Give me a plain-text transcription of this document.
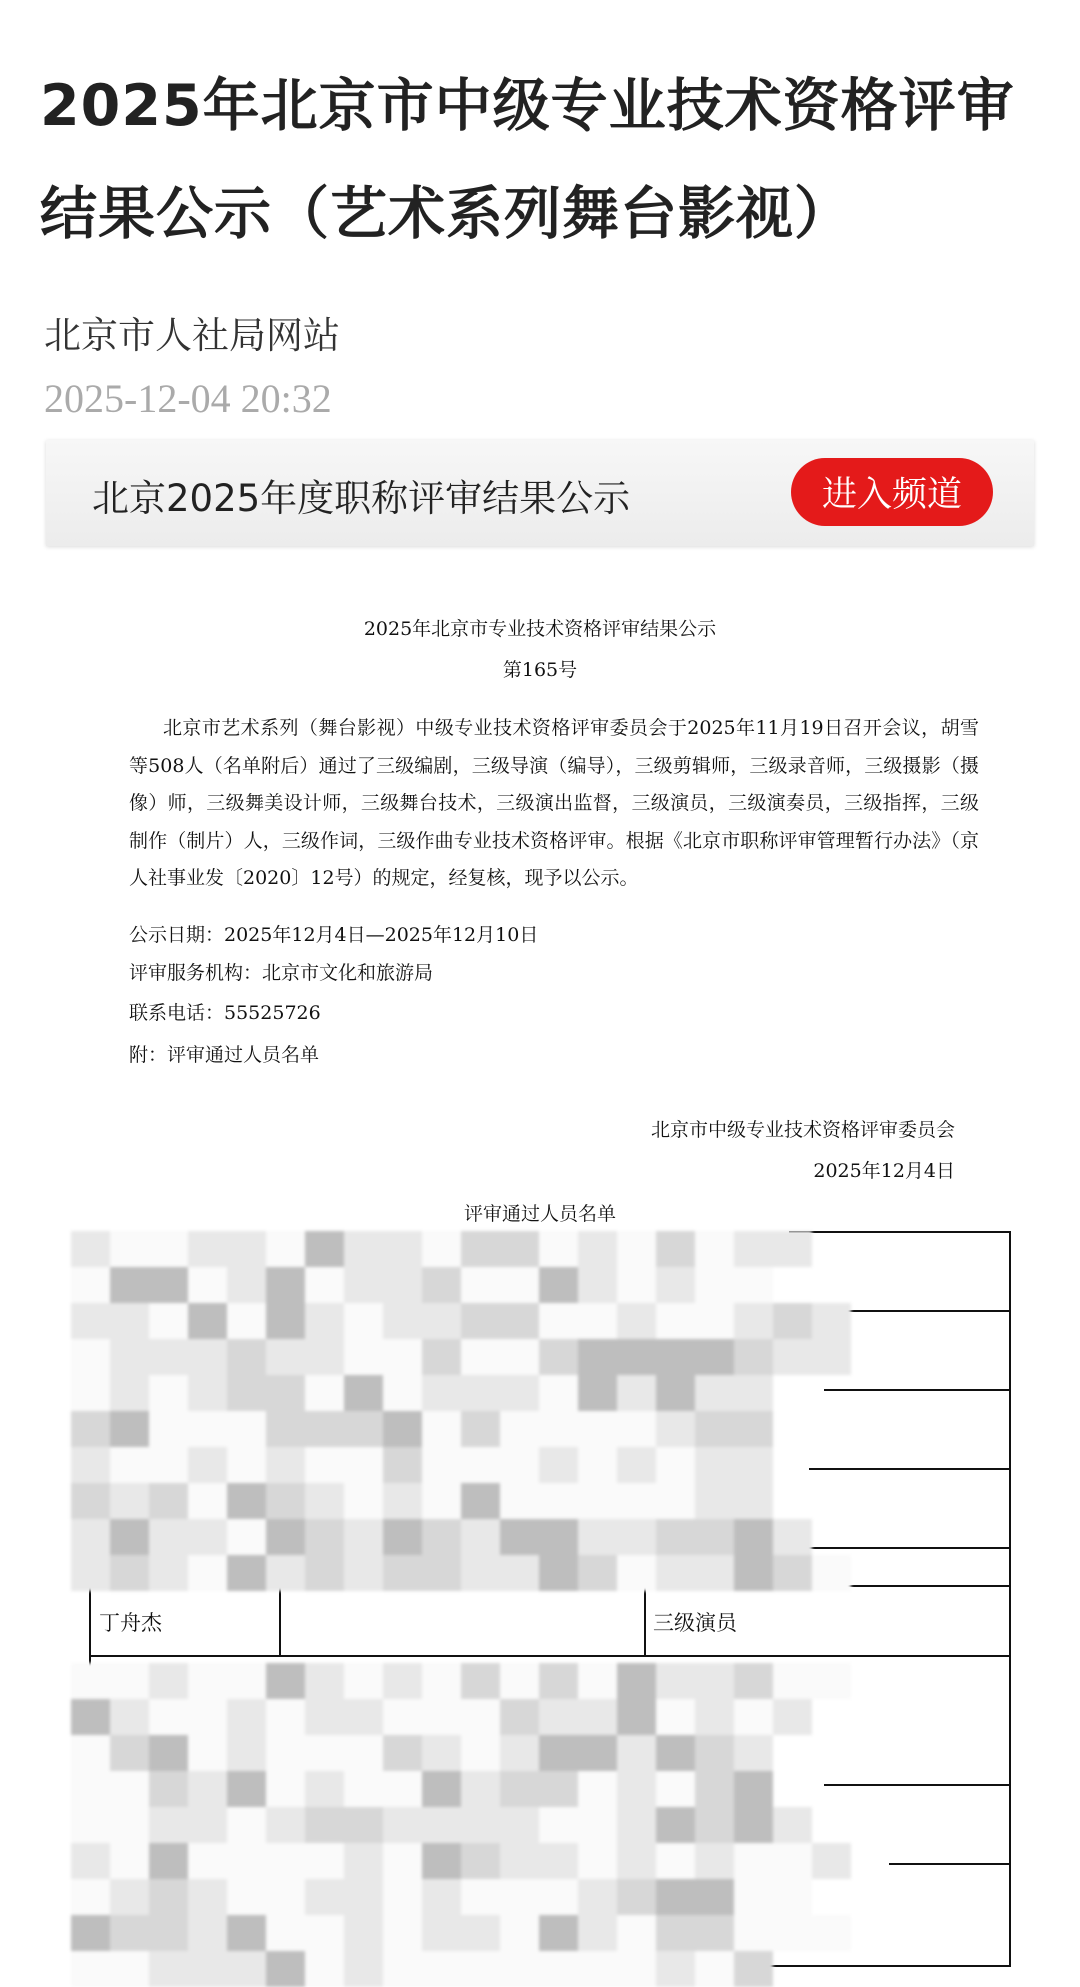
2025年北京市中级专业技术资格评审结果公示（艺术系列舞台影视）
北京市人社局网站
2025-12-04 20:32
北京2025年度职称评审结果公示	进入频道
2025年北京市专业技术资格评审结果公示
第165号
北京市艺术系列（舞台影视）中级专业技术资格评审委员会于2025年11月19日召开会议，胡雪等508人（名单附后）通过了三级编剧，三级导演（编导），三级剪辑师，三级录音师，三级摄影（摄像）师，三级舞美设计师，三级舞台技术，三级演出监督，三级演员，三级演奏员，三级指挥，三级制作（制片）人，三级作词，三级作曲专业技术资格评审。根据《北京市职称评审管理暂行办法》（京人社事业发〔2020〕12号）的规定，经复核，现予以公示。
公示日期：2025年12月4日—2025年12月10日
评审服务机构：北京市文化和旅游局
联系电话：55525726
附：评审通过人员名单
北京市中级专业技术资格评审委员会
2025年12月4日
评审通过人员名单
丁舟杰	三级演员
